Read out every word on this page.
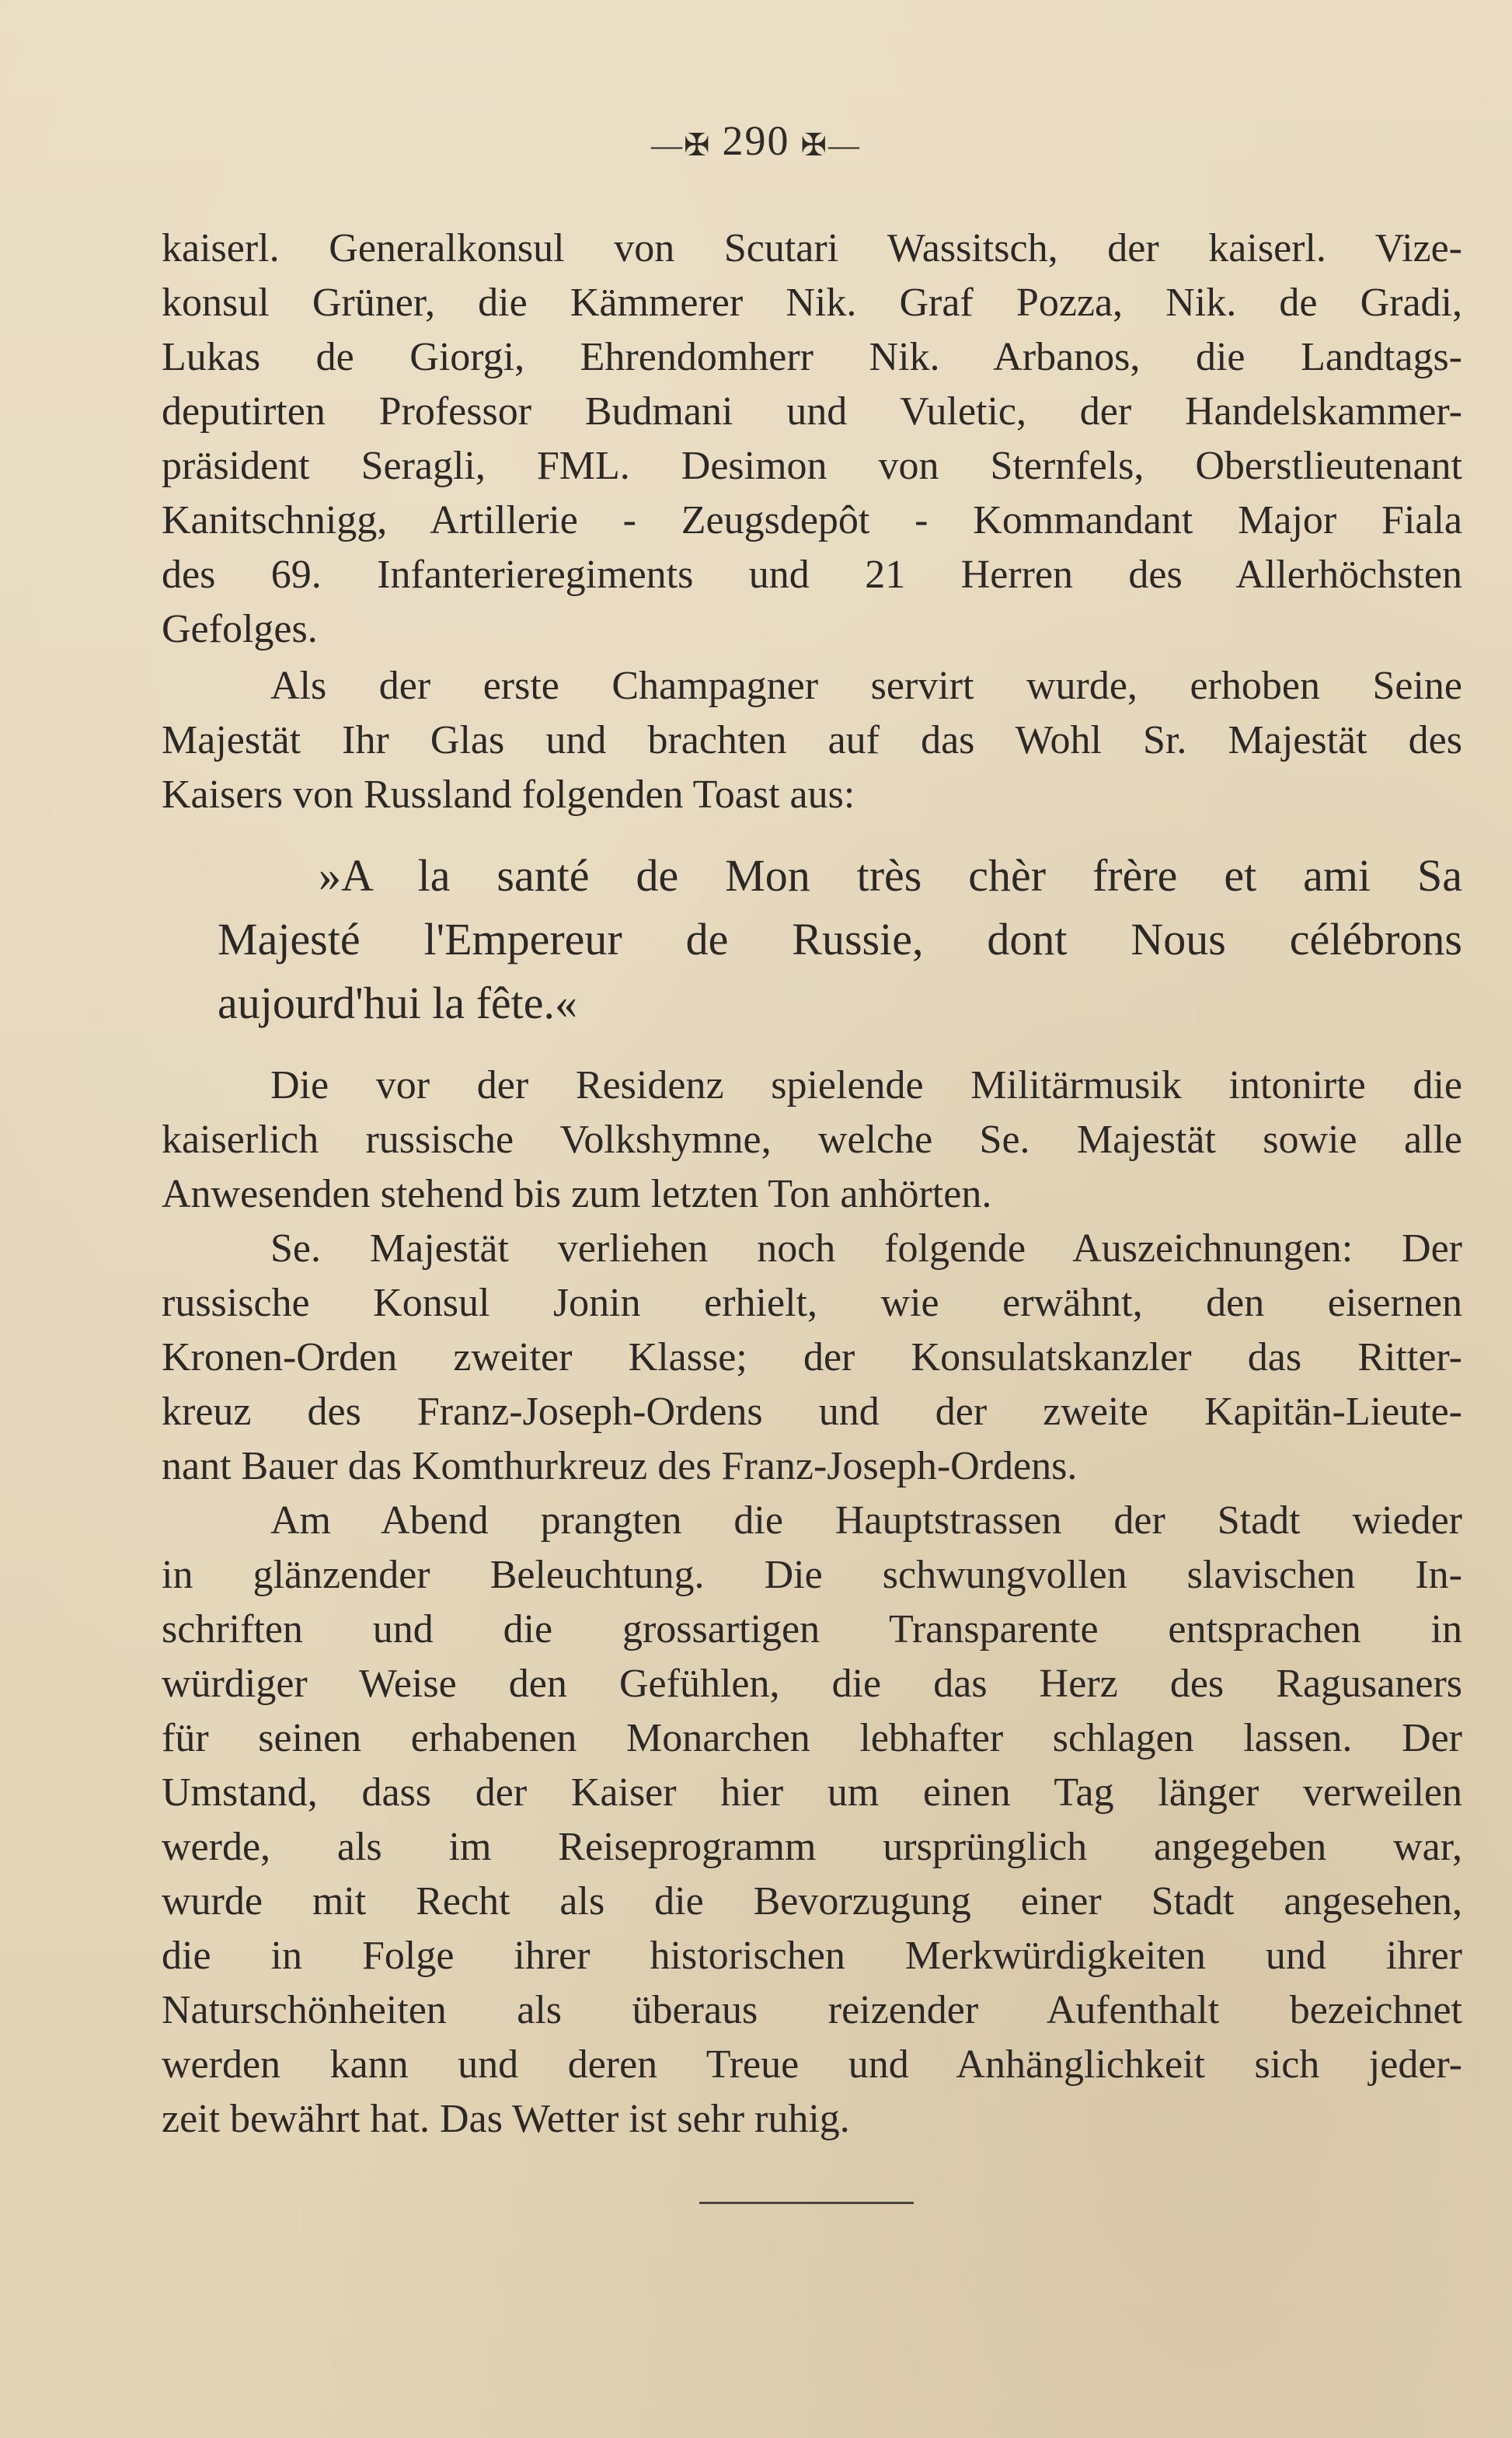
—✠ 290 ✠—
kaiserl. Generalkonsul von Scutari Wassitsch, der kaiserl. Vize-
konsul Grüner, die Kämmerer Nik. Graf Pozza, Nik. de Gradi,
Lukas de Giorgi, Ehrendomherr Nik. Arbanos, die Landtags-
deputirten Professor Budmani und Vuletic, der Handelskammer-
präsident Seragli, FML. Desimon von Sternfels, Oberstlieutenant
Kanitschnigg, Artillerie - Zeugsdepôt - Kommandant Major Fiala
des 69. Infanterieregiments und 21 Herren des Allerhöchsten
Gefolges.
Als der erste Champagner servirt wurde, erhoben Seine
Majestät Ihr Glas und brachten auf das Wohl Sr. Majestät des
Kaisers von Russland folgenden Toast aus:
»A la santé de Mon très chèr frère et ami Sa
Majesté l'Empereur de Russie, dont Nous célébrons
aujourd'hui la fête.«
Die vor der Residenz spielende Militärmusik intonirte die
kaiserlich russische Volkshymne, welche Se. Majestät sowie alle
Anwesenden stehend bis zum letzten Ton anhörten.
Se. Majestät verliehen noch folgende Auszeichnungen: Der
russische Konsul Jonin erhielt, wie erwähnt, den eisernen
Kronen-Orden zweiter Klasse; der Konsulatskanzler das Ritter-
kreuz des Franz-Joseph-Ordens und der zweite Kapitän-Lieute-
nant Bauer das Komthurkreuz des Franz-Joseph-Ordens.
Am Abend prangten die Hauptstrassen der Stadt wieder
in glänzender Beleuchtung. Die schwungvollen slavischen In-
schriften und die grossartigen Transparente entsprachen in
würdiger Weise den Gefühlen, die das Herz des Ragusaners
für seinen erhabenen Monarchen lebhafter schlagen lassen. Der
Umstand, dass der Kaiser hier um einen Tag länger verweilen
werde, als im Reiseprogramm ursprünglich angegeben war,
wurde mit Recht als die Bevorzugung einer Stadt angesehen,
die in Folge ihrer historischen Merkwürdigkeiten und ihrer
Naturschönheiten als überaus reizender Aufenthalt bezeichnet
werden kann und deren Treue und Anhänglichkeit sich jeder-
zeit bewährt hat. Das Wetter ist sehr ruhig.
